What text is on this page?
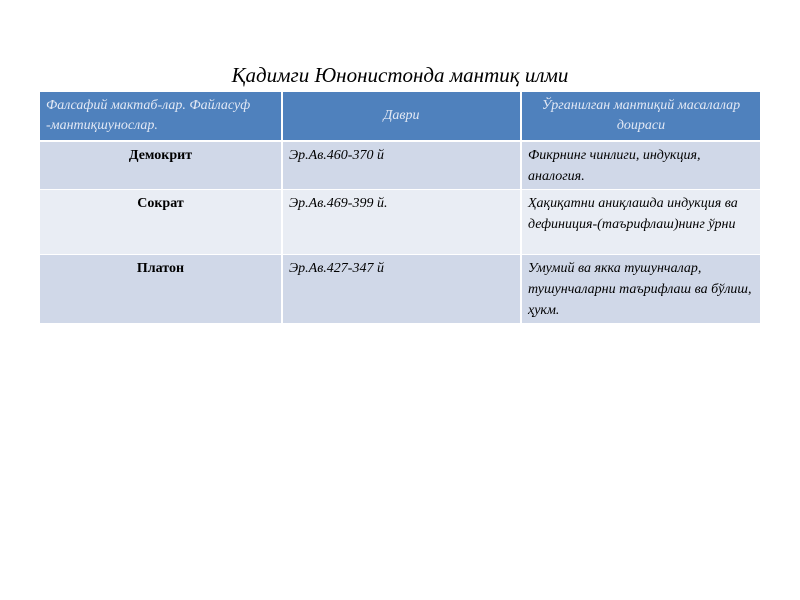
Қадимги Юнонистонда мантиқ илми
Фалсафий мактаб-лар. Файласуф -мантиқшунослар.	Даври	Ўрганилган мантиқий масалалар доираси
Демокрит	Эр.Ав.460-370 й	Фикрнинг чинлиги, индукция, аналогия.
Сократ	Эр.Ав.469-399 й.	Ҳақиқатни аниқлашда индукция ва дефиниция-(таърифлаш)нинг ўрни
Платон	Эр.Ав.427-347 й	Умумий ва якка тушунчалар, тушунчаларни таърифлаш ва бўлиш, ҳукм.
